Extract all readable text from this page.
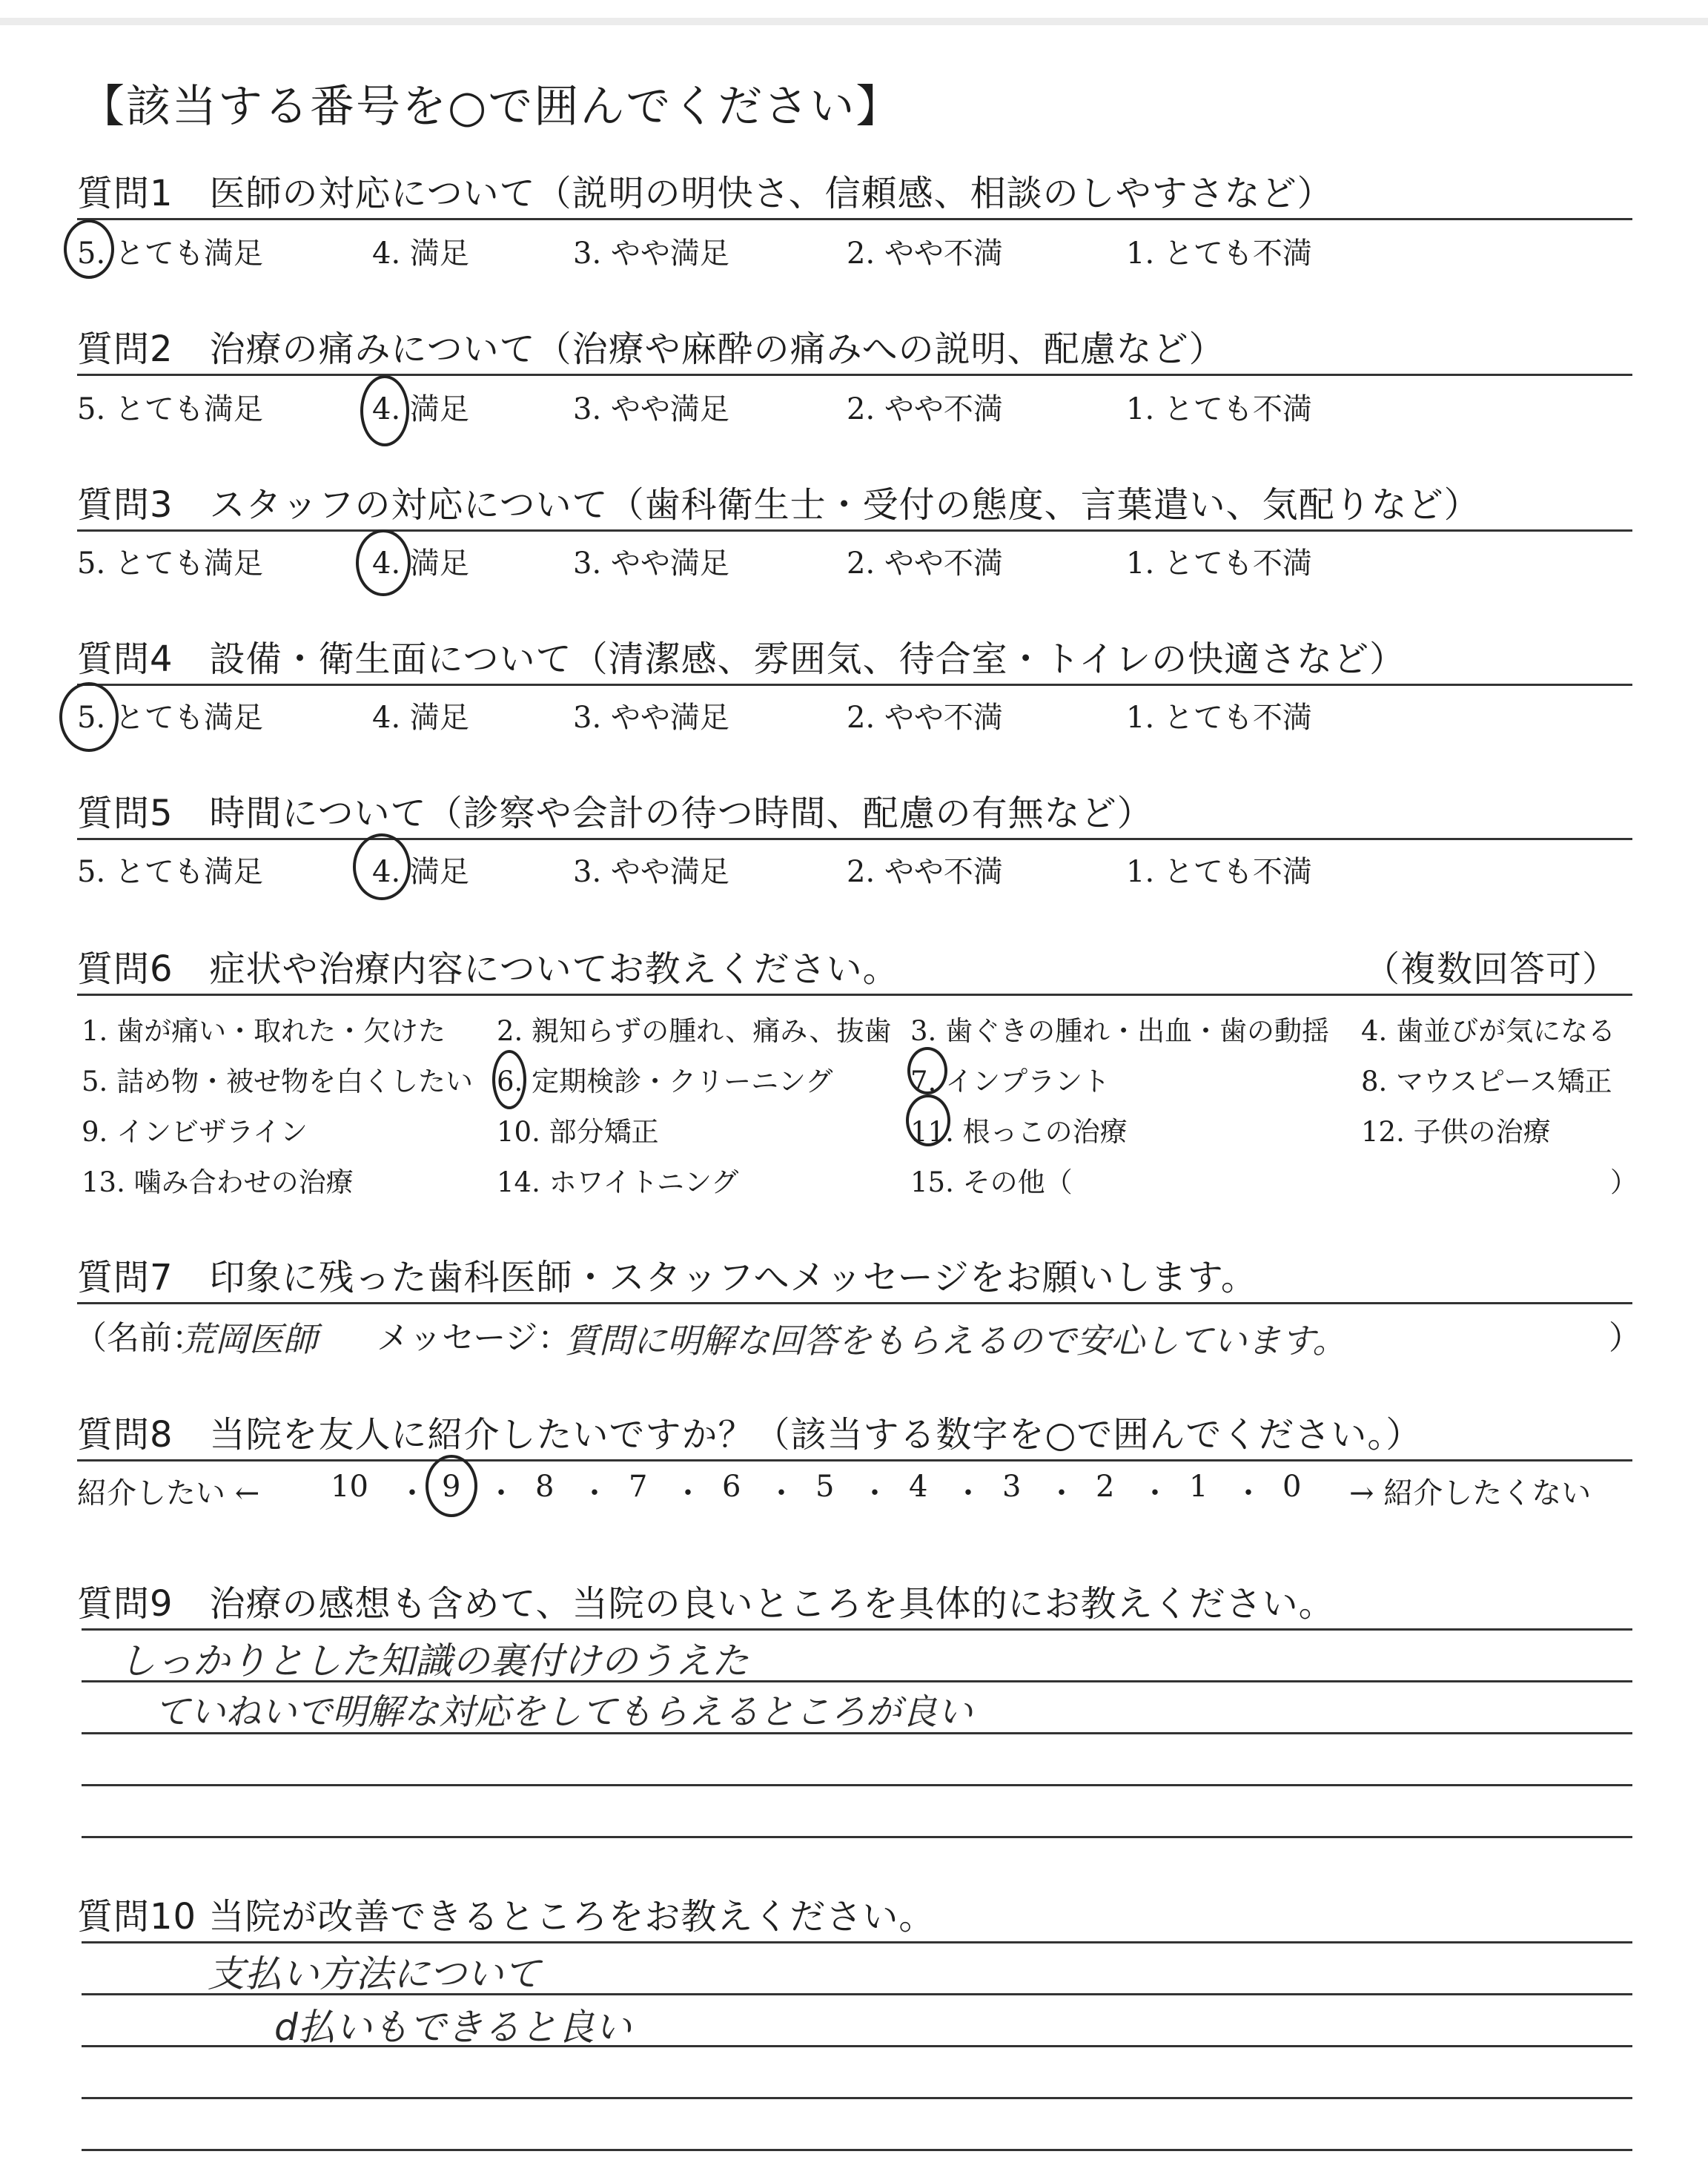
【該当する番号を○で囲んでください】
質問1　医師の対応について（説明の明快さ、信頼感、相談のしやすさなど）
5. とても満足	4. 満足	3. やや満足	2. やや不満	1. とても不満
質問2　治療の痛みについて（治療や麻酔の痛みへの説明、配慮など）
5. とても満足	4. 満足	3. やや満足	2. やや不満	1. とても不満
質問3　スタッフの対応について（歯科衛生士・受付の態度、言葉遣い、気配りなど）
5. とても満足	4. 満足	3. やや満足	2. やや不満	1. とても不満
質問4　設備・衛生面について（清潔感、雰囲気、待合室・トイレの快適さなど）
5. とても満足	4. 満足	3. やや満足	2. やや不満	1. とても不満
質問5　時間について（診察や会計の待つ時間、配慮の有無など）
5. とても満足	4. 満足	3. やや満足	2. やや不満	1. とても不満
質問6　症状や治療内容についてお教えください。	（複数回答可）
1. 歯が痛い・取れた・欠けた 2. 親知らずの腫れ、痛み、抜歯 3. 歯ぐきの腫れ・出血・歯の動揺 4. 歯並びが気になる
5. 詰め物・被せ物を白くしたい 6. 定期検診・クリーニング	7. インプラント	8. マウスピース矯正
9. インビザライン	10. 部分矯正	11. 根っこの治療	12. 子供の治療
13. 噛み合わせの治療	14. ホワイトニング	15. その他（	）
質問7　印象に残った歯科医師・スタッフへメッセージをお願いします。
（名前：
荒岡医師 メッセージ：
質問に明解な回答をもらえるので安心しています。	）
質問8　当院を友人に紹介したいですか？（該当する数字を○で囲んでください。）
紹介したい ← 10 ・ 9 ・ 8 ・ 7 ・ 6 ・ 5 ・ 4 ・ 3 ・ 2 ・ 1 ・ 0 → 紹介したくない
質問9　治療の感想も含めて、当院の良いところを具体的にお教えください。
しっかりとした知識の裏付けのうえた
ていねいで明解な対応をしてもらえるところが良い
質問10 当院が改善できるところをお教えください。
支払い方法について
d払いもできると良い
